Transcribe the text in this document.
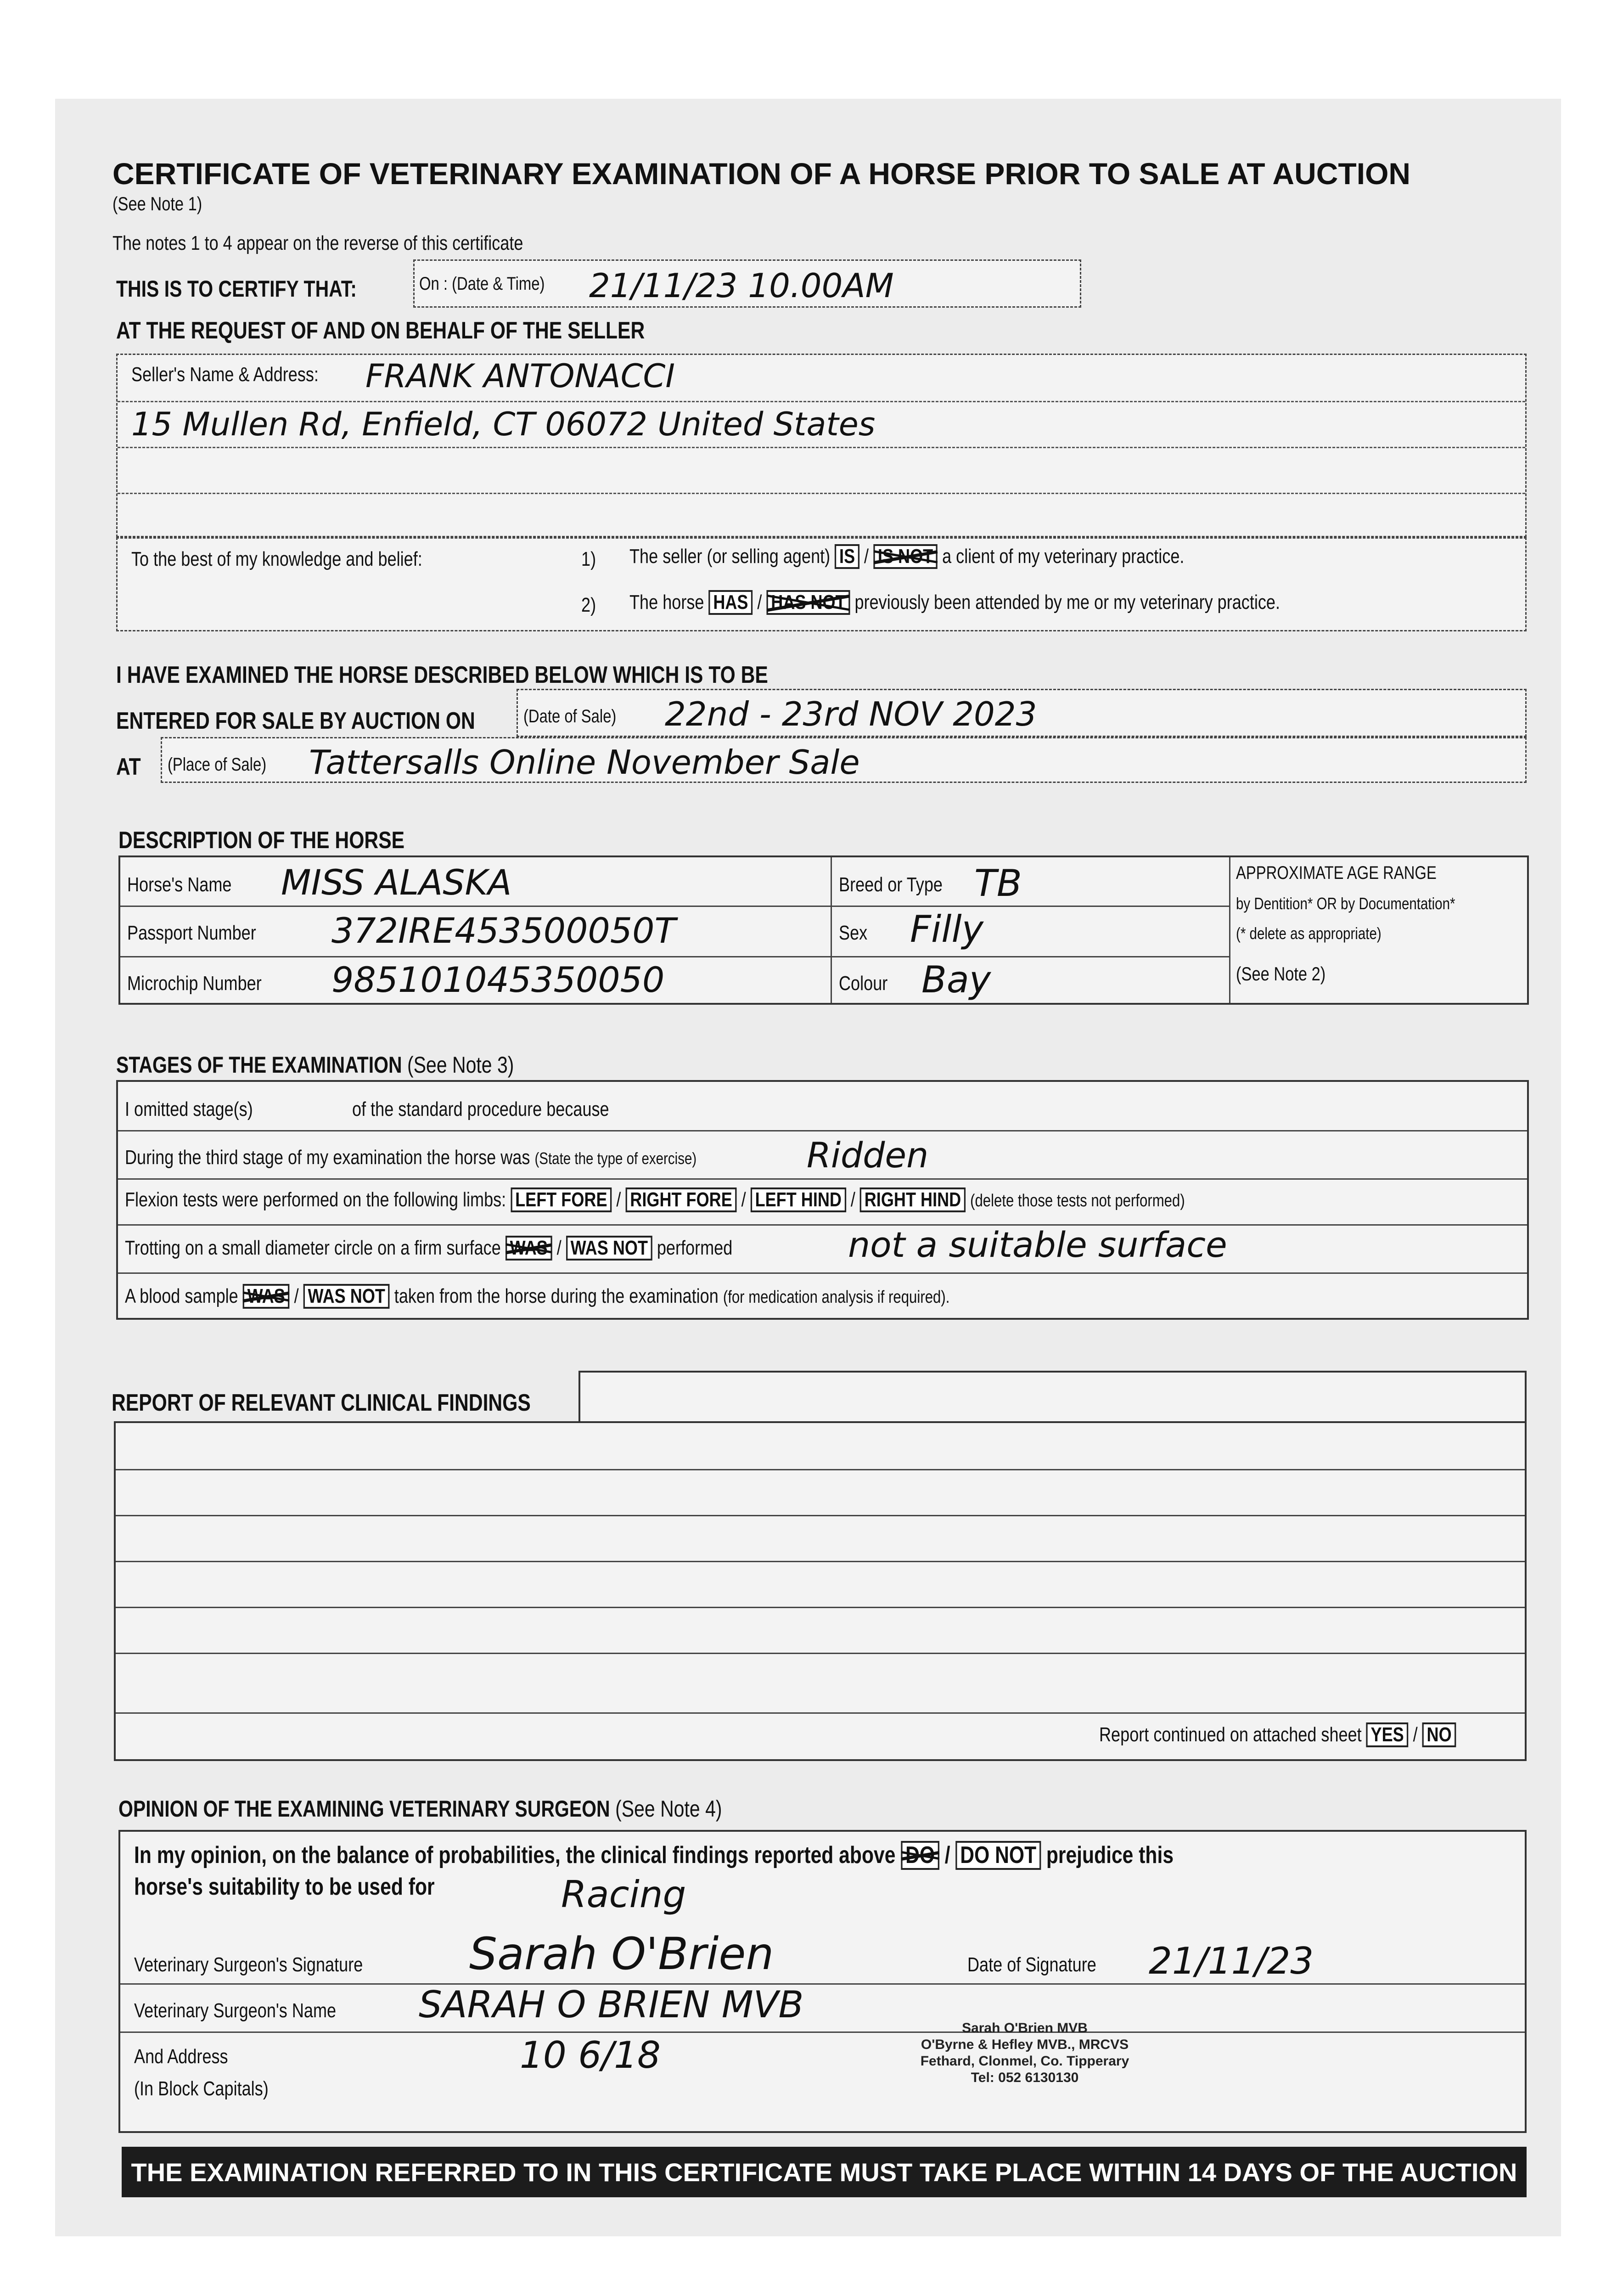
CERTIFICATE OF VETERINARY EXAMINATION OF A HORSE PRIOR TO SALE AT AUCTION
(See Note 1)
The notes 1 to 4 appear on the reverse of this certificate
THIS IS TO CERTIFY THAT:	On : (Date & Time) 21/11/23 10.00AM
AT THE REQUEST OF AND ON BEHALF OF THE SELLER
Seller's Name & Address: FRANK ANTONACCI
15 Mullen Rd, Enfield, CT 06072 United States
To the best of my knowledge and belief:	1) The seller (or selling agent) IS / IS NOT a client of my veterinary practice.
2) The horse HAS / HAS NOT previously been attended by me or my veterinary practice.
I HAVE EXAMINED THE HORSE DESCRIBED BELOW WHICH IS TO BE
ENTERED FOR SALE BY AUCTION ON	(Date of Sale) 22nd - 23rd NOV 2023
AT (Place of Sale) Tattersalls Online November Sale
DESCRIPTION OF THE HORSE
Horse's Name MISS ALASKA
Passport Number 372IRE453500050T
Microchip Number 985101045350050
Breed or Type TB
Sex Filly
Colour Bay
APPROXIMATE AGE RANGE
by Dentition* OR by Documentation*
(* delete as appropriate)
(See Note 2)
STAGES OF THE EXAMINATION (See Note 3)
I omitted stage(s)	of the standard procedure because
During the third stage of my examination the horse was (State the type of exercise)	Ridden
Flexion tests were performed on the following limbs: LEFT FORE / RIGHT FORE / LEFT HIND / RIGHT HIND (delete those tests not performed)
Trotting on a small diameter circle on a firm surface WAS / WAS NOT performed	not a suitable surface
A blood sample WAS / WAS NOT taken from the horse during the examination (for medication analysis if required).
REPORT OF RELEVANT CLINICAL FINDINGS
Report continued on attached sheet YES / NO
OPINION OF THE EXAMINING VETERINARY SURGEON (See Note 4)
In my opinion, on the balance of probabilities, the clinical findings reported above DO / DO NOT prejudice this
horse's suitability to be used for	Racing
Veterinary Surgeon's Signature Sarah O'Brien	Date of Signature 21/11/23
Veterinary Surgeon's Name SARAH O BRIEN MVB
And Address
(In Block Capitals)
10 6/18
Sarah O'Brien MVB
O'Byrne & Hefley MVB., MRCVS
Fethard, Clonmel, Co. Tipperary
Tel: 052 6130130
THE EXAMINATION REFERRED TO IN THIS CERTIFICATE MUST TAKE PLACE WITHIN 14 DAYS OF THE AUCTION
